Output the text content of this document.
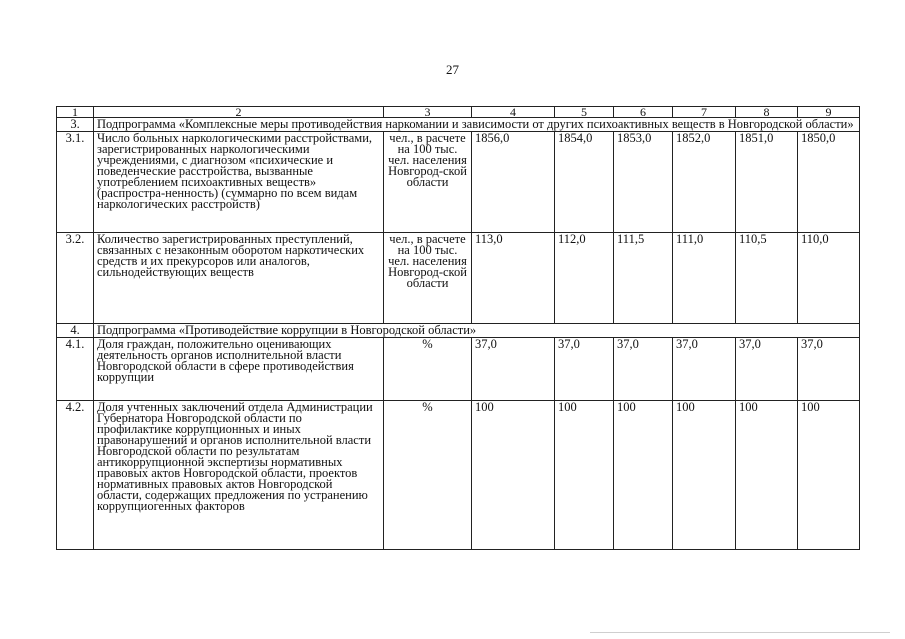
27
1	2	3	4	5	6	7	8	9
3.	Подпрограмма «Комплексные меры противодействия наркомании и зависимости от других психоактивных веществ в Новгородской области»							
3.1.	Число больных наркологическими расстройствами, зарегистрированных наркологическими учреждениями, с диагнозом «психические и поведенческие расстройства, вызванные употреблением психоактивных веществ» (распростра-ненность) (суммарно по всем видам наркологических расстройств)	чел., в расчете на 100 тыс. чел. населения Новгород-ской области	1856,0	1854,0	1853,0	1852,0	1851,0	1850,0
3.2.	Количество зарегистрированных преступлений, связанных с незаконным оборотом наркотических средств и их прекурсоров или аналогов, сильнодействующих веществ	чел., в расчете на 100 тыс. чел. населения Новгород-ской области	113,0	112,0	111,5	111,0	110,5	110,0
4.	Подпрограмма «Противодействие коррупции в Новгородской области»							
4.1.	Доля граждан, положительно оценивающих деятельность органов исполнительной власти Новгородской области в сфере противодействия коррупции	%	37,0	37,0	37,0	37,0	37,0	37,0
4.2.	Доля учтенных заключений отдела Администрации Губернатора Новгородской области по профилактике коррупционных и иных правонарушений и органов исполнительной власти Новгородской области по результатам антикоррупционной экспертизы нормативных правовых актов Новгородской области, проектов нормативных правовых актов Новгородской области, содержащих предложения по устранению коррупциогенных факторов	%	100	100	100	100	100	100
